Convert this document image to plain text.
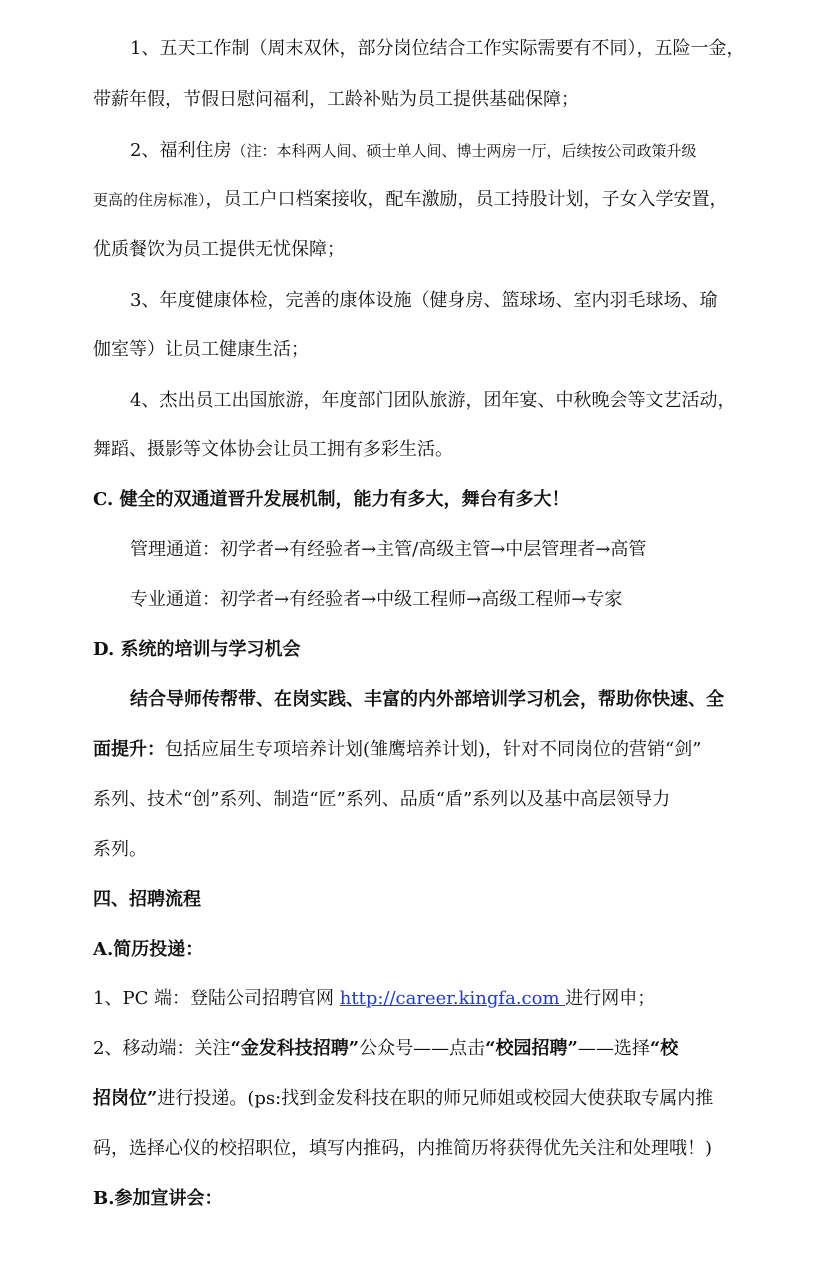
1、五天工作制（周末双休，部分岗位结合工作实际需要有不同），五险一金，
带薪年假，节假日慰问福利，工龄补贴为员工提供基础保障；
2、福利住房（注：本科两人间、硕士单人间、博士两房一厅，后续按公司政策升级
更高的住房标准），员工户口档案接收，配车激励，员工持股计划，子女入学安置，
优质餐饮为员工提供无忧保障；
3、年度健康体检，完善的康体设施（健身房、篮球场、室内羽毛球场、瑜
伽室等）让员工健康生活；
4、杰出员工出国旅游，年度部门团队旅游，团年宴、中秋晚会等文艺活动，
舞蹈、摄影等文体协会让员工拥有多彩生活。
C. 健全的双通道晋升发展机制，能力有多大，舞台有多大！
管理通道：初学者→有经验者→主管/高级主管→中层管理者→高管
专业通道：初学者→有经验者→中级工程师→高级工程师→专家
D. 系统的培训与学习机会
结合导师传帮带、在岗实践、丰富的内外部培训学习机会，帮助你快速、全
面提升：包括应届生专项培养计划(雏鹰培养计划)，针对不同岗位的营销“剑”
系列、技术“创”系列、制造“匠”系列、品质“盾”系列以及基中高层领导力
系列。
四、招聘流程
A.简历投递：
1、PC 端：登陆公司招聘官网 http://career.kingfa.com 进行网申；
2、移动端：关注“金发科技招聘”公众号——点击“校园招聘”——选择“校
招岗位”进行投递。(ps:找到金发科技在职的师兄师姐或校园大使获取专属内推
码，选择心仪的校招职位，填写内推码，内推简历将获得优先关注和处理哦！)
B.参加宣讲会：
